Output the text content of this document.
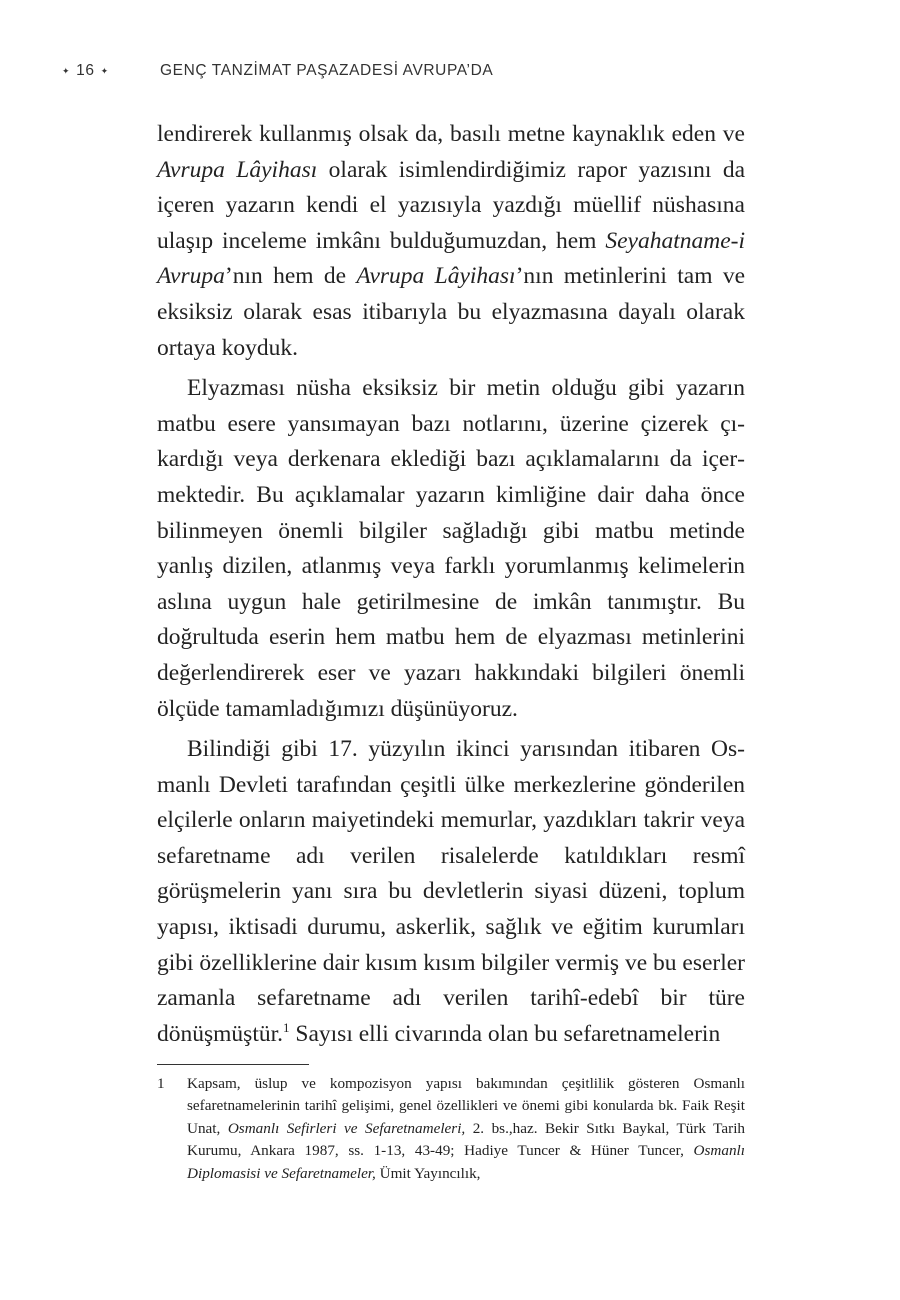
✦ 16 ✦	GENÇ TANZİMAT PAŞAZADESİ AVRUPA’DA

lendirerek kullanmış olsak da, basılı metne kaynaklık eden ve Avrupa Lâyihası olarak isimlendirdiğimiz rapor yazısını da içeren yazarın kendi el yazısıyla yazdığı müellif nüshasına ulaşıp inceleme imkânı bulduğumuzdan, hem Seyahatname-i Avrupa’nın hem de Avrupa Lâyihası’nın metinlerini tam ve eksiksiz olarak esas itibarıyla bu elyazmasına dayalı olarak ortaya koyduk.

Elyazması nüsha eksiksiz bir metin olduğu gibi yazarın matbu esere yansımayan bazı notlarını, üzerine çizerek çıkardığı veya derkenara eklediği bazı açıklamalarını da içermektedir. Bu açıklamalar yazarın kimliğine dair daha önce bilinmeyen önemli bilgiler sağladığı gibi matbu metinde yanlış dizilen, atlanmış veya farklı yorumlanmış kelimelerin aslına uygun hale getirilmesine de imkân tanımıştır. Bu doğrultuda eserin hem matbu hem de elyazması metinlerini değerlendirerek eser ve yazarı hakkındaki bilgileri önemli ölçüde tamamladığımızı düşünüyoruz.

Bilindiği gibi 17. yüzyılın ikinci yarısından itibaren Osmanlı Devleti tarafından çeşitli ülke merkezlerine gönderilen elçilerle onların maiyetindeki memurlar, yazdıkları takrir veya sefaretname adı verilen risalelerde katıldıkları resmî görüşmelerin yanı sıra bu devletlerin siyasi düzeni, toplum yapısı, iktisadi durumu, askerlik, sağlık ve eğitim kurumları gibi özelliklerine dair kısım kısım bilgiler vermiş ve bu eserler zamanla sefaretname adı verilen tarihî-edebî bir türe dönüşmüştür.$^1$ Sayısı elli civarında olan bu sefaretnamelerin

1	Kapsam, üslup ve kompozisyon yapısı bakımından çeşitlilik gösteren Osmanlı sefaretnamelerinin tarihî gelişimi, genel özellikleri ve önemi gibi konularda bk. Faik Reşit Unat, Osmanlı Sefirleri ve Sefaretnameleri, 2. bs.,haz. Bekir Sıtkı Baykal, Türk Tarih Kurumu, Ankara 1987, ss. 1-13, 43-49; Hadiye Tuncer & Hüner Tuncer, Osmanlı Diplomasisi ve Sefaretnameler, Ümit Yayıncılık,
